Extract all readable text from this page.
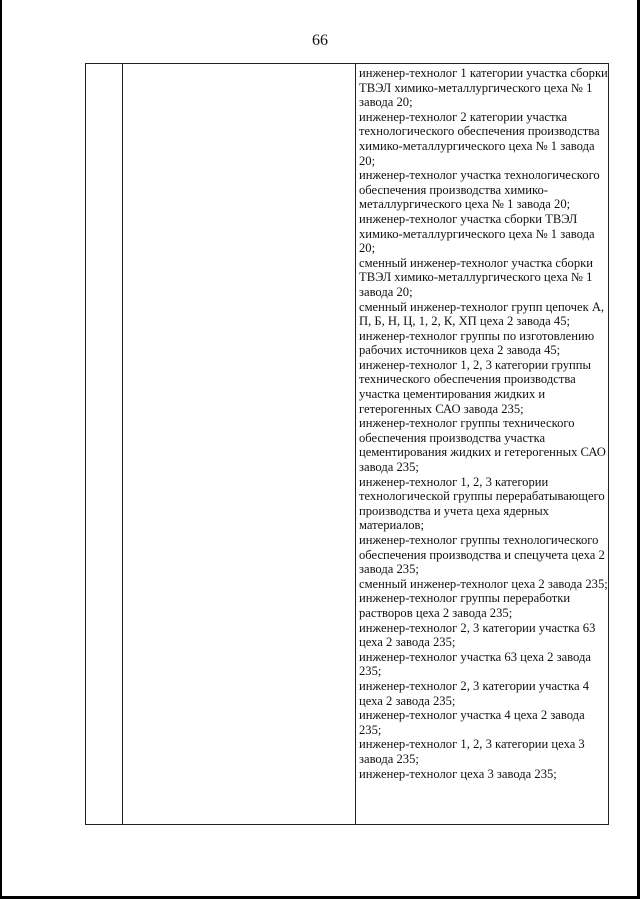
66

инженер-технолог 1 категории участка сборки ТВЭЛ химико-металлургического цеха № 1 завода 20;

инженер-технолог 2 категории участка технологического обеспечения производства химико-металлургического цеха № 1 завода 20;

инженер-технолог участка технологического обеспечения производства химико-металлургического цеха № 1 завода 20;

инженер-технолог участка сборки ТВЭЛ химико-металлургического цеха № 1 завода 20;

сменный инженер-технолог участка сборки ТВЭЛ химико-металлургического цеха № 1 завода 20;

сменный инженер-технолог групп цепочек А, П, Б, Н, Ц, 1, 2, К, ХП цеха 2 завода 45;

инженер-технолог группы по изготовлению рабочих источников цеха 2 завода 45;

инженер-технолог 1, 2, 3 категории группы технического обеспечения производства участка цементирования жидких и гетерогенных САО завода 235;

инженер-технолог группы технического обеспечения производства участка цементирования жидких и гетерогенных САО завода 235;

инженер-технолог 1, 2, 3 категории технологической группы перерабатывающего производства и учета цеха ядерных материалов;

инженер-технолог группы технологического обеспечения производства и спецучета цеха 2 завода 235;

сменный инженер-технолог цеха 2 завода 235;

инженер-технолог группы переработки растворов цеха 2 завода 235;

инженер-технолог 2, 3 категории участка 63 цеха 2 завода 235;

инженер-технолог участка 63 цеха 2 завода 235;

инженер-технолог 2, 3 категории участка 4 цеха 2 завода 235;

инженер-технолог участка 4 цеха 2 завода 235;

инженер-технолог 1, 2, 3 категории цеха 3 завода 235;

инженер-технолог цеха 3 завода 235;
